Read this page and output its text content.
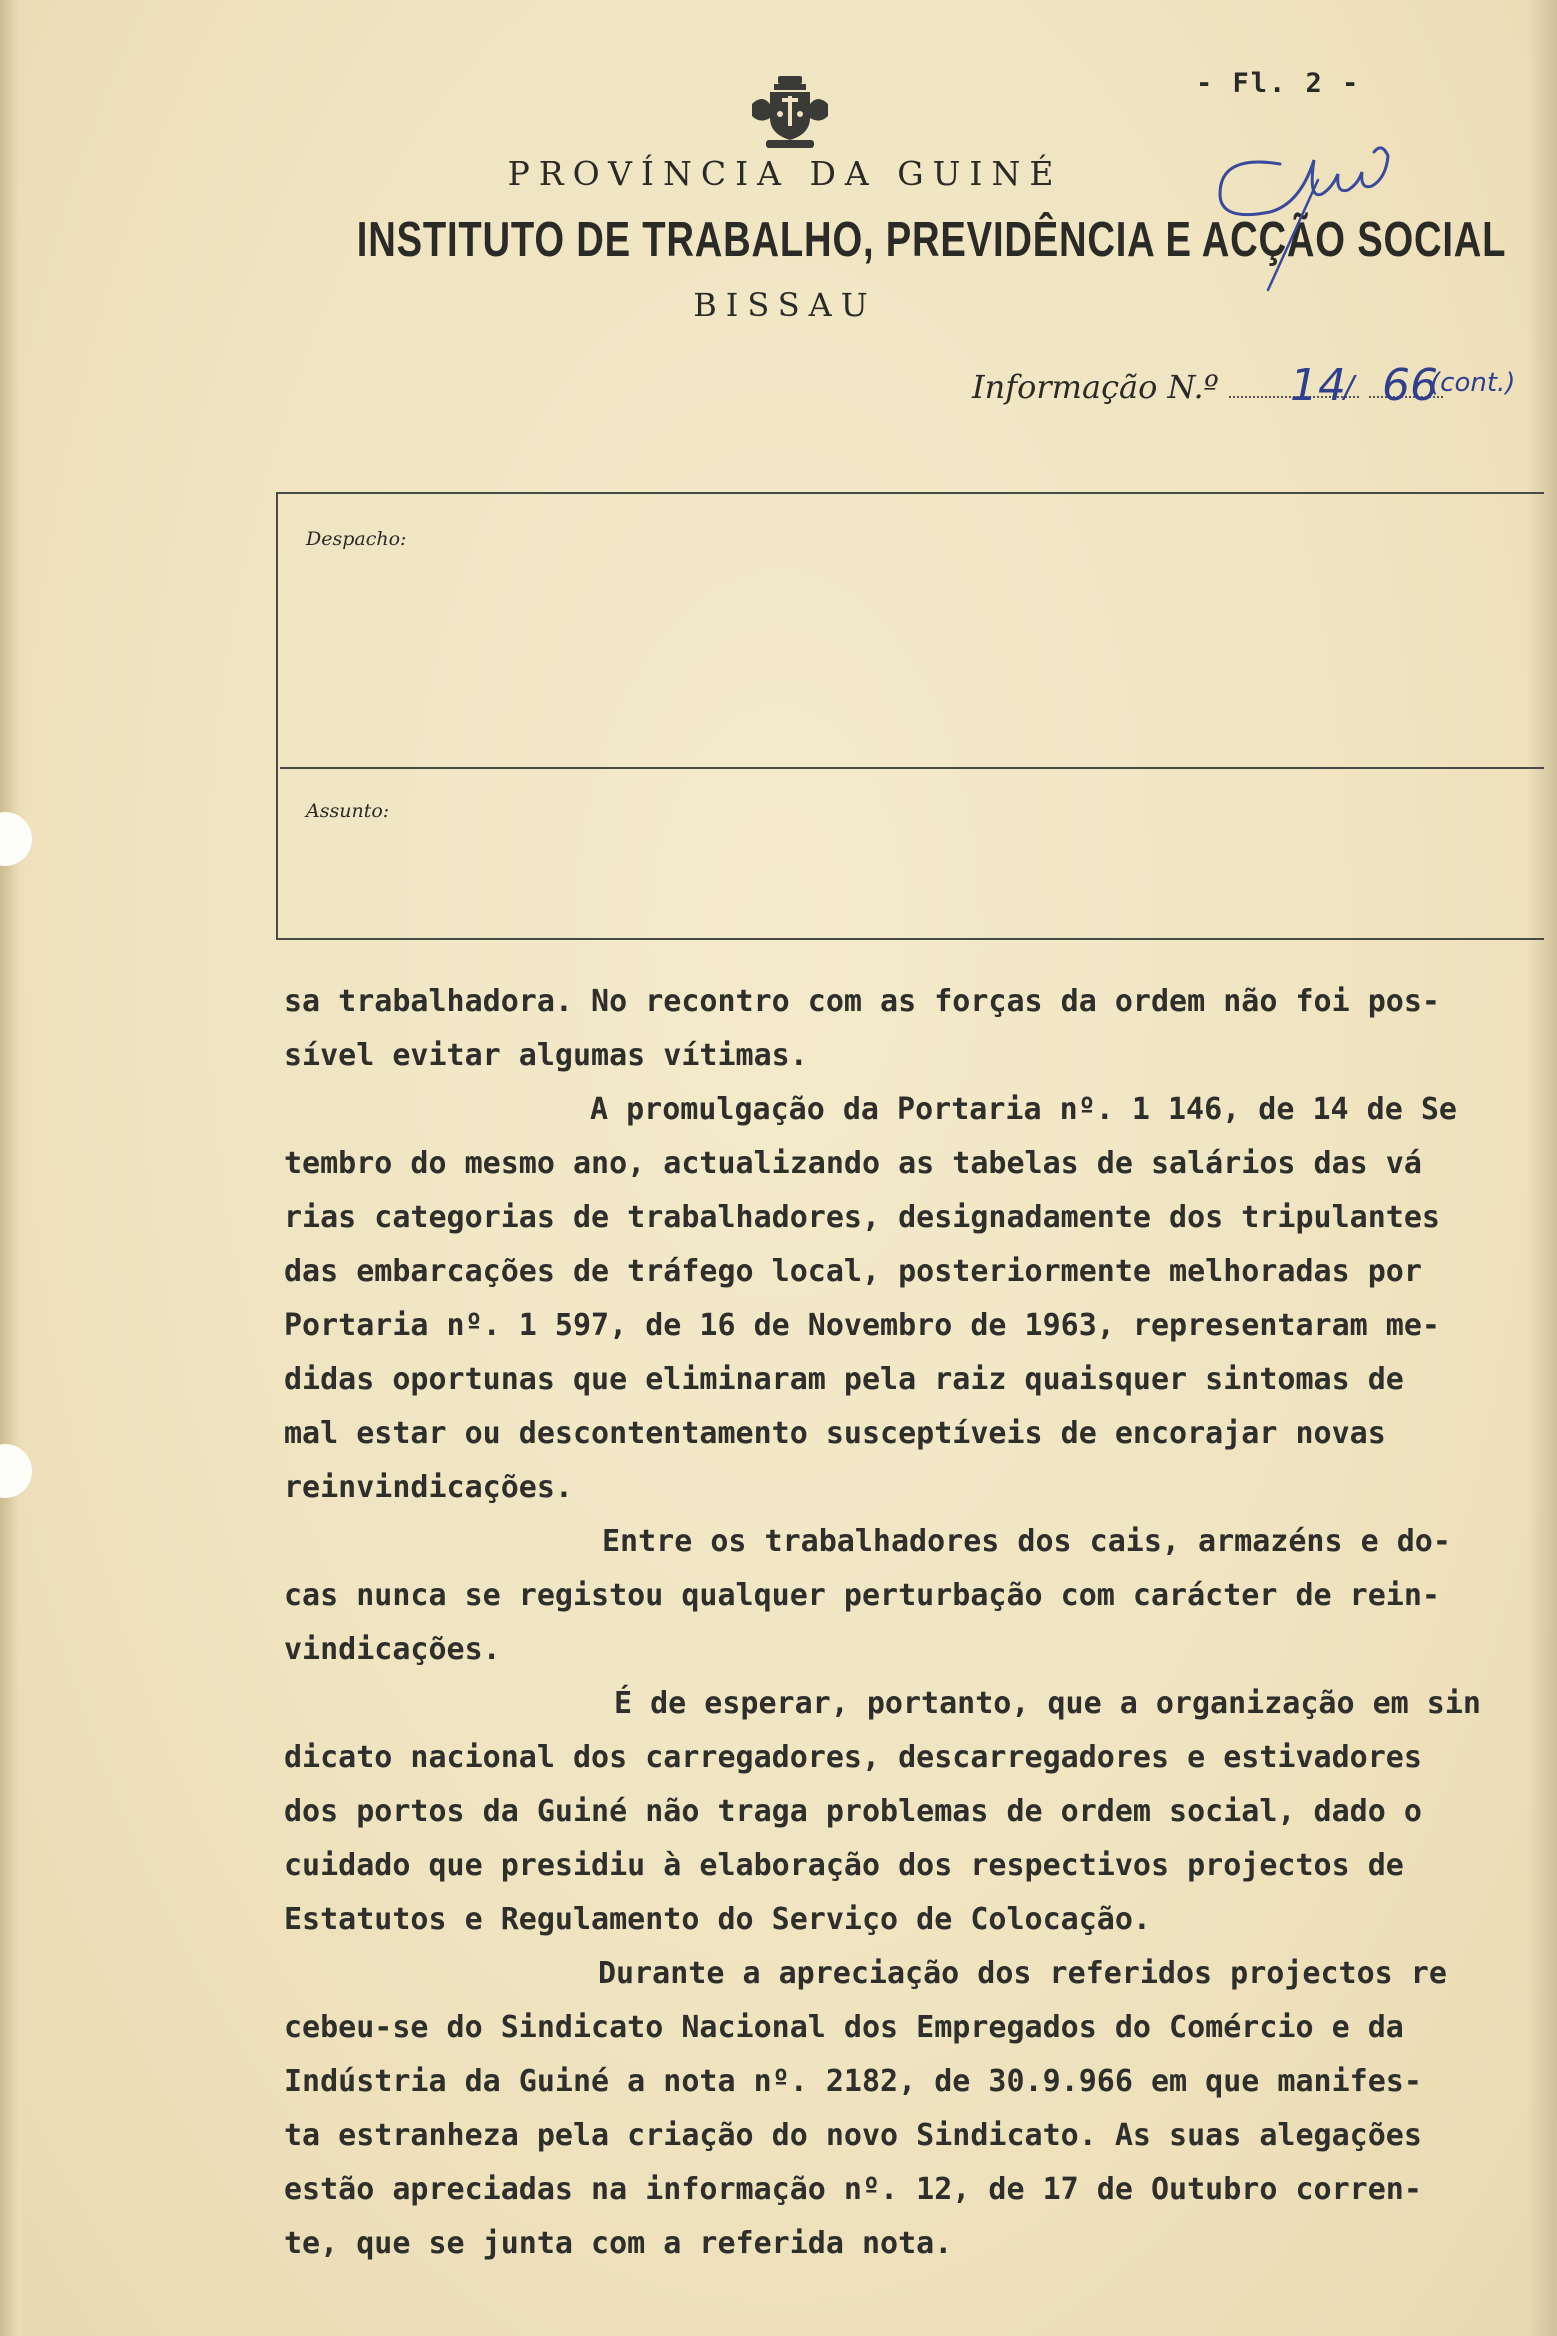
- Fl. 2 -
PROVÍNCIA DA GUINÉ
INSTITUTO DE TRABALHO, PREVIDÊNCIA E ACÇÃO SOCIAL
BISSAU
Informação N.º 14
/ 66
(cont.)
Despacho:
Assunto:
sa trabalhadora. No recontro com as forças da ordem não foi pos-
sível evitar algumas vítimas.
A promulgação da Portaria nº. 1 146, de 14 de Se
tembro do mesmo ano, actualizando as tabelas de salários das vá
rias categorias de trabalhadores, designadamente dos tripulantes
das embarcações de tráfego local, posteriormente melhoradas por
Portaria nº. 1 597, de 16 de Novembro de 1963, representaram me-
didas oportunas que eliminaram pela raiz quaisquer sintomas de
mal estar ou descontentamento susceptíveis de encorajar novas
reinvindicações.
Entre os trabalhadores dos cais, armazéns e do-
cas nunca se registou qualquer perturbação com carácter de rein-
vindicações.
É de esperar, portanto, que a organização em sin
dicato nacional dos carregadores, descarregadores e estivadores
dos portos da Guiné não traga problemas de ordem social, dado o
cuidado que presidiu à elaboração dos respectivos projectos de
Estatutos e Regulamento do Serviço de Colocação.
Durante a apreciação dos referidos projectos re
cebeu-se do Sindicato Nacional dos Empregados do Comércio e da
Indústria da Guiné a nota nº. 2182, de 30.9.966 em que manifes-
ta estranheza pela criação do novo Sindicato. As suas alegações
estão apreciadas na informação nº. 12, de 17 de Outubro corren-
te, que se junta com a referida nota.
